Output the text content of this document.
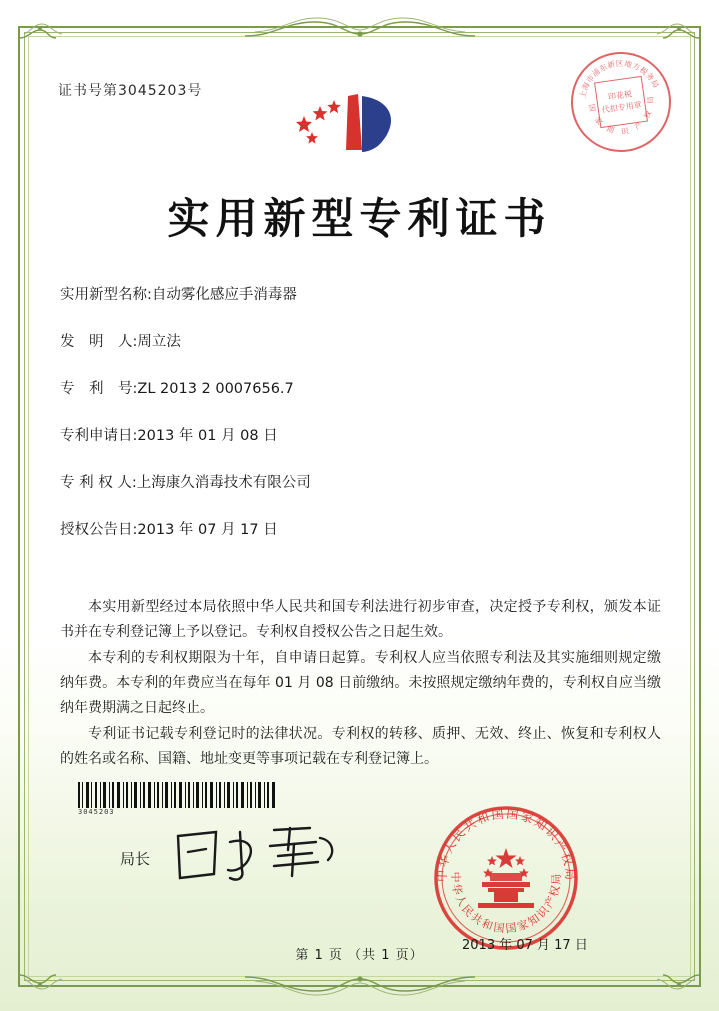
证书号第3045203号	上海市浦东新区地方税务局
国　家　期　识　产　权　局
印花税
代扣专用章
实用新型专利证书
实用新型名称: 自动雾化感应手消毒器
发　明　人: 周立法
专　利　号: ZL 2013 2 0007656.7
专利申请日: 2013 年 01 月 08 日
专 利 权 人: 上海康久消毒技术有限公司
授权公告日: 2013 年 07 月 17 日

本实用新型经过本局依照中华人民共和国专利法进行初步审查，决定授予专利权，颁发本证书并在专利登记簿上予以登记。专利权自授权公告之日起生效。

本专利的专利权期限为十年，自申请日起算。专利权人应当依照专利法及其实施细则规定缴纳年费。本专利的年费应当在每年 01 月 08 日前缴纳。未按照规定缴纳年费的，专利权自应当缴纳年费期满之日起终止。

专利证书记载专利登记时的法律状况。专利权的转移、质押、无效、终止、恢复和专利权人的姓名或名称、国籍、地址变更等事项记载在专利登记簿上。

3045203
局长
中华人民共和国国家知识产权局
中华人民共和国国家知识产权局
2013 年 07 月 17 日
第 1 页 （共 1 页）
